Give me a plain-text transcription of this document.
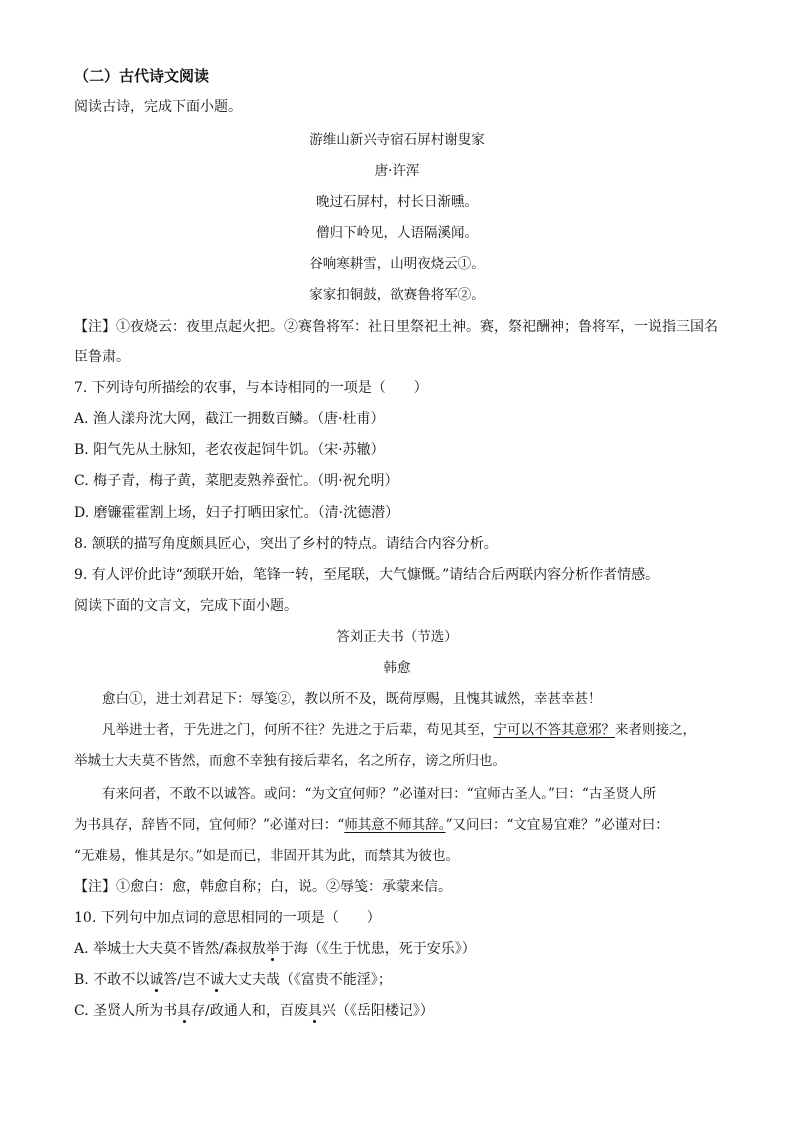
（二）古代诗文阅读
阅读古诗，完成下面小题。
游维山新兴寺宿石屏村谢叟家
唐·许浑
晚过石屏村，村长日渐曛。
僧归下岭见，人语隔溪闻。
谷响寒耕雪，山明夜烧云①。
家家扣铜鼓，欲赛鲁将军②。
【注】①夜烧云：夜里点起火把。②赛鲁将军：社日里祭祀土神。赛，祭祀酬神；鲁将军，一说指三国名
臣鲁肃。
7. 下列诗句所描绘的农事，与本诗相同的一项是（　　）
A. 渔人漾舟沈大网，截江一拥数百鳞。（唐·杜甫）
B. 阳气先从土脉知，老农夜起饲牛饥。（宋·苏辙）
C. 梅子青，梅子黄，菜肥麦熟养蚕忙。（明·祝允明）
D. 磨镰霍霍割上场，妇子打晒田家忙。（清·沈德潜）
8. 颔联的描写角度颇具匠心，突出了乡村的特点。请结合内容分析。
9. 有人评价此诗“颈联开始，笔锋一转，至尾联，大气慷慨。”请结合后两联内容分析作者情感。
阅读下面的文言文，完成下面小题。
答刘正夫书（节选）
韩愈
愈白①，进士刘君足下：辱笺②，教以所不及，既荷厚赐，且愧其诚然，幸甚幸甚！
凡举进士者，于先进之门，何所不往？先进之于后辈，苟见其至，宁可以不答其意邪？来者则接之，
举城士大夫莫不皆然，而愈不幸独有接后辈名，名之所存，谤之所归也。
有来问者，不敢不以诚答。或问：“为文宜何师？”必谨对曰：“宜师古圣人。”曰：“古圣贤人所
为书具存，辞皆不同，宜何师？”必谨对曰：“师其意不师其辞。”又问曰：“文宜易宜难？”必谨对曰：
“无难易，惟其是尔。”如是而已，非固开其为此，而禁其为彼也。
【注】①愈白：愈，韩愈自称；白，说。②辱笺：承蒙来信。
10. 下列句中加点词的意思相同的一项是（　　）
A. 举城士大夫莫不皆然/森叔敖举于海（《生于忧患，死于安乐》）
B. 不敢不以诚答/岂不诚大丈夫哉（《富贵不能淫》；
C. 圣贤人所为书具存/政通人和，百废具兴（《岳阳楼记》）
